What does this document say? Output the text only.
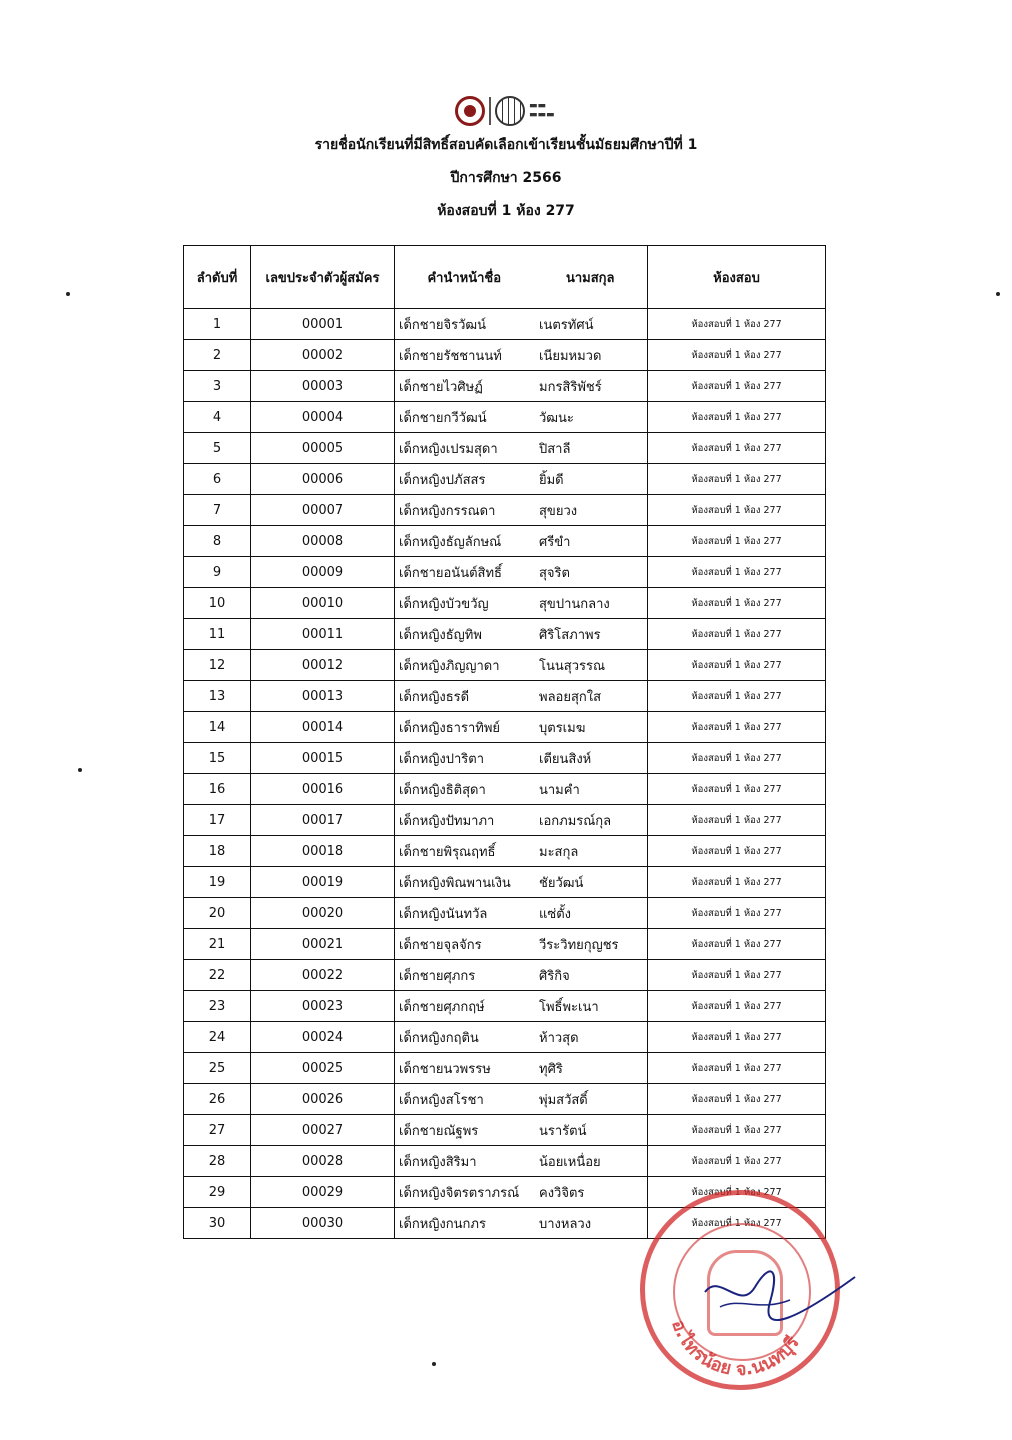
▬▬
▬▬▬
รายชื่อนักเรียนที่มีสิทธิ์สอบคัดเลือกเข้าเรียนชั้นมัธยมศึกษาปีที่ 1
ปีการศึกษา 2566
ห้องสอบที่ 1 ห้อง 277
ลำดับที่	เลขประจำตัวผู้สมัคร	คำนำหน้าชื่อ นามสกุล	ห้องสอบ
1	00001	เด็กชายจิรวัฒน์ เนตรทัศน์	ห้องสอบที่ 1 ห้อง 277
2	00002	เด็กชายรัชชานนท์ เนียมหมวด	ห้องสอบที่ 1 ห้อง 277
3	00003	เด็กชายไวศิษฏ์ มกรสิริพัชร์	ห้องสอบที่ 1 ห้อง 277
4	00004	เด็กชายกวีวัฒน์ วัฒนะ	ห้องสอบที่ 1 ห้อง 277
5	00005	เด็กหญิงเปรมสุดา ปิสาลี	ห้องสอบที่ 1 ห้อง 277
6	00006	เด็กหญิงปภัสสร ยิ้มดี	ห้องสอบที่ 1 ห้อง 277
7	00007	เด็กหญิงกรรณดา สุขยวง	ห้องสอบที่ 1 ห้อง 277
8	00008	เด็กหญิงธัญลักษณ์ ศรีขำ	ห้องสอบที่ 1 ห้อง 277
9	00009	เด็กชายอนันต์สิทธิ์ สุจริต	ห้องสอบที่ 1 ห้อง 277
10	00010	เด็กหญิงบัวขวัญ สุขปานกลาง	ห้องสอบที่ 1 ห้อง 277
11	00011	เด็กหญิงธัญทิพ ศิริโสภาพร	ห้องสอบที่ 1 ห้อง 277
12	00012	เด็กหญิงภิญญาดา โนนสุวรรณ	ห้องสอบที่ 1 ห้อง 277
13	00013	เด็กหญิงธรดี พลอยสุกใส	ห้องสอบที่ 1 ห้อง 277
14	00014	เด็กหญิงธาราทิพย์ บุตรเมฆ	ห้องสอบที่ 1 ห้อง 277
15	00015	เด็กหญิงปาริตา เตียนสิงห์	ห้องสอบที่ 1 ห้อง 277
16	00016	เด็กหญิงธิติสุดา นามคำ	ห้องสอบที่ 1 ห้อง 277
17	00017	เด็กหญิงปัทมาภา เอกภมรณ์กุล	ห้องสอบที่ 1 ห้อง 277
18	00018	เด็กชายพิรุณฤทธิ์ มะสกุล	ห้องสอบที่ 1 ห้อง 277
19	00019	เด็กหญิงพิณพานเงิน ชัยวัฒน์	ห้องสอบที่ 1 ห้อง 277
20	00020	เด็กหญิงนันทวัล แซ่ตั้ง	ห้องสอบที่ 1 ห้อง 277
21	00021	เด็กชายจุลจักร วีระวิทยกุญชร	ห้องสอบที่ 1 ห้อง 277
22	00022	เด็กชายศุภกร ศิริกิจ	ห้องสอบที่ 1 ห้อง 277
23	00023	เด็กชายศุภกฤษ์ โพธิ์พะเนา	ห้องสอบที่ 1 ห้อง 277
24	00024	เด็กหญิงกฤติน ห้าวสุด	ห้องสอบที่ 1 ห้อง 277
25	00025	เด็กชายนวพรรษ ทุศิริ	ห้องสอบที่ 1 ห้อง 277
26	00026	เด็กหญิงสโรชา พุ่มสวัสดิ์	ห้องสอบที่ 1 ห้อง 277
27	00027	เด็กชายณัฐพร นรารัตน์	ห้องสอบที่ 1 ห้อง 277
28	00028	เด็กหญิงสิริมา น้อยเหนื่อย	ห้องสอบที่ 1 ห้อง 277
29	00029	เด็กหญิงจิตรตราภรณ์ คงวิจิตร	ห้องสอบที่ 1 ห้อง 277
30	00030	เด็กหญิงกนกภร บางหลวง	ห้องสอบที่ 1 ห้อง 277
อ.ไทรน้อย จ.นนทบุรี
